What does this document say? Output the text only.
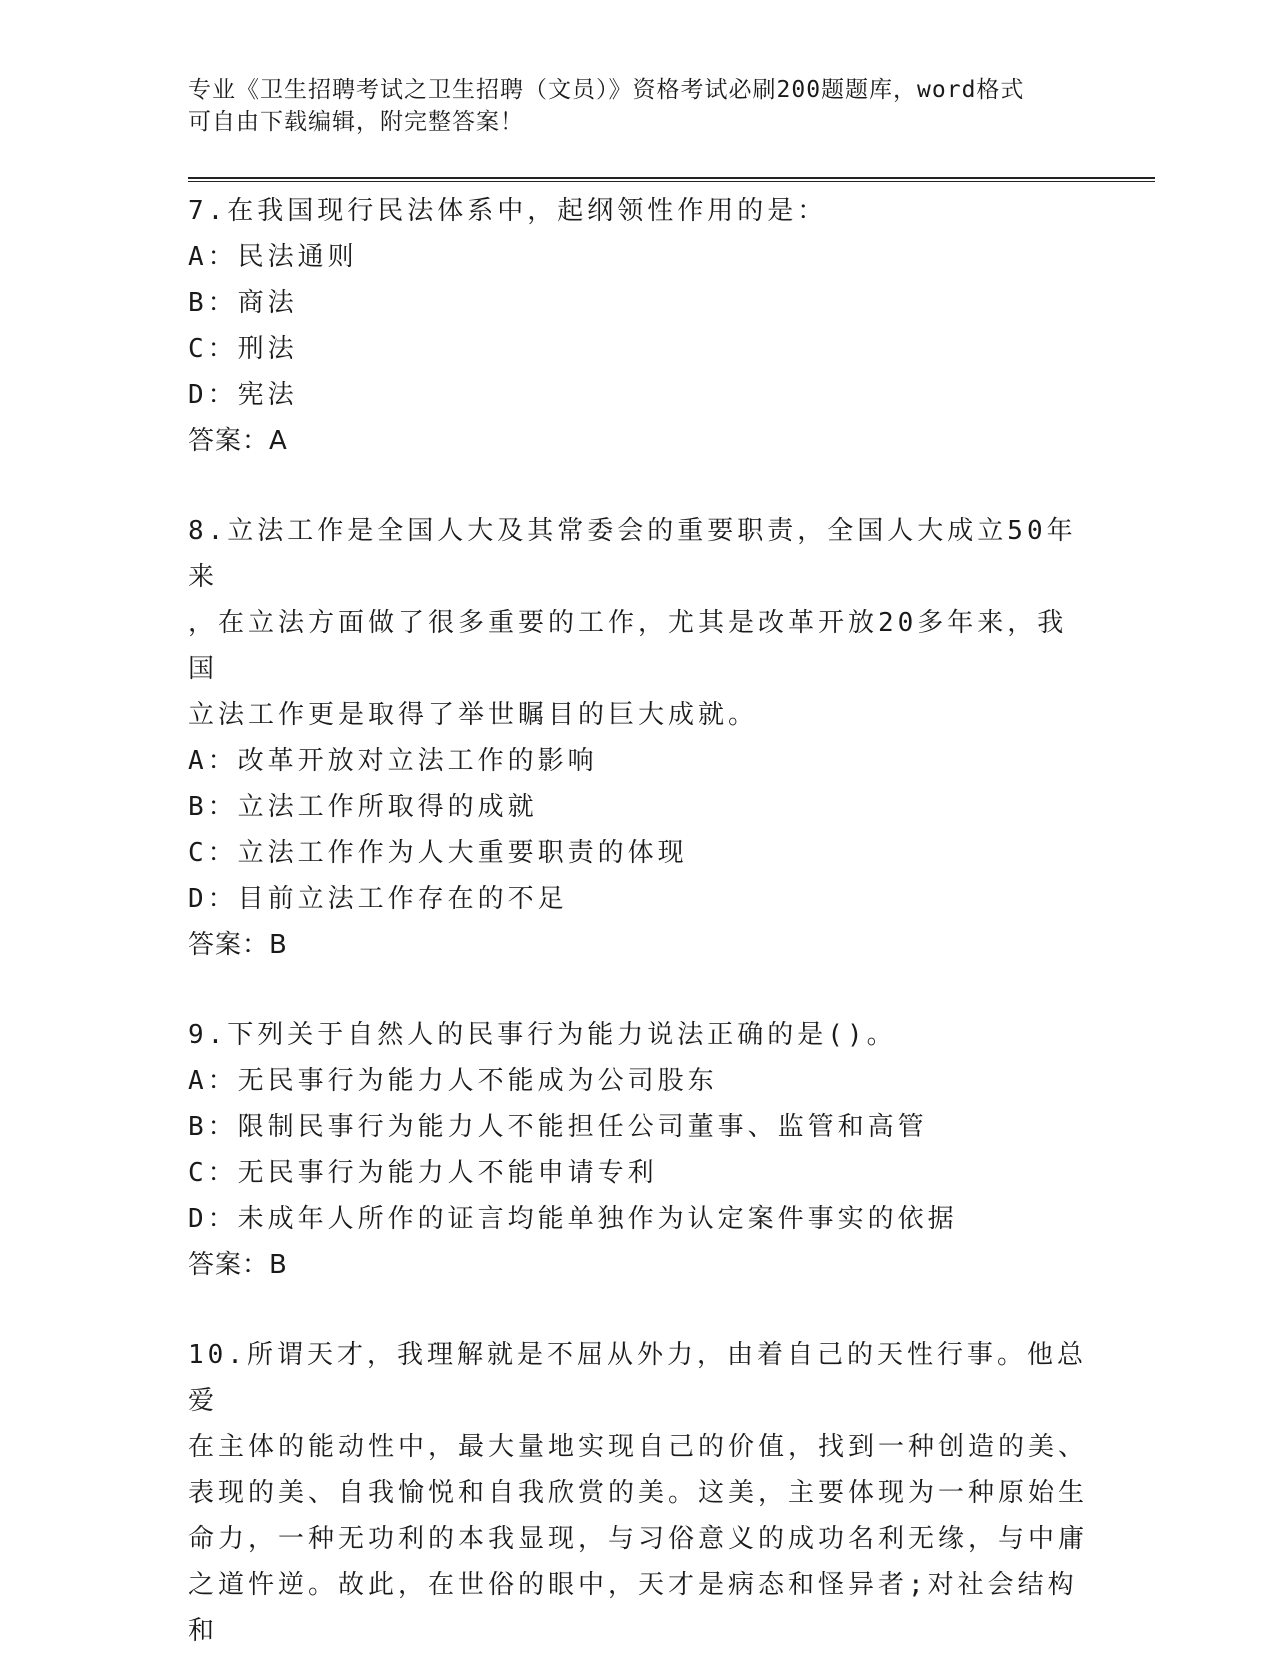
专业《卫生招聘考试之卫生招聘（文员）》资格考试必刷200题题库，word格式
可自由下载编辑，附完整答案！

7.在我国现行民法体系中，起纲领性作用的是：

A：民法通则

B：商法

C：刑法

D：宪法

答案：A

8.立法工作是全国人大及其常委会的重要职责，全国人大成立50年来

，在立法方面做了很多重要的工作，尤其是改革开放20多年来，我国

立法工作更是取得了举世瞩目的巨大成就。

A：改革开放对立法工作的影响

B：立法工作所取得的成就

C：立法工作作为人大重要职责的体现

D：目前立法工作存在的不足

答案：B

9.下列关于自然人的民事行为能力说法正确的是()。

A：无民事行为能力人不能成为公司股东

B：限制民事行为能力人不能担任公司董事、监管和高管

C：无民事行为能力人不能申请专利

D：未成年人所作的证言均能单独作为认定案件事实的依据

答案：B

10.所谓天才，我理解就是不屈从外力，由着自己的天性行事。他总爱

在主体的能动性中，最大量地实现自己的价值，找到一种创造的美、

表现的美、自我愉悦和自我欣赏的美。这美，主要体现为一种原始生

命力，一种无功利的本我显现，与习俗意义的成功名利无缘，与中庸

之道忤逆。故此，在世俗的眼中，天才是病态和怪异者;对社会结构和
